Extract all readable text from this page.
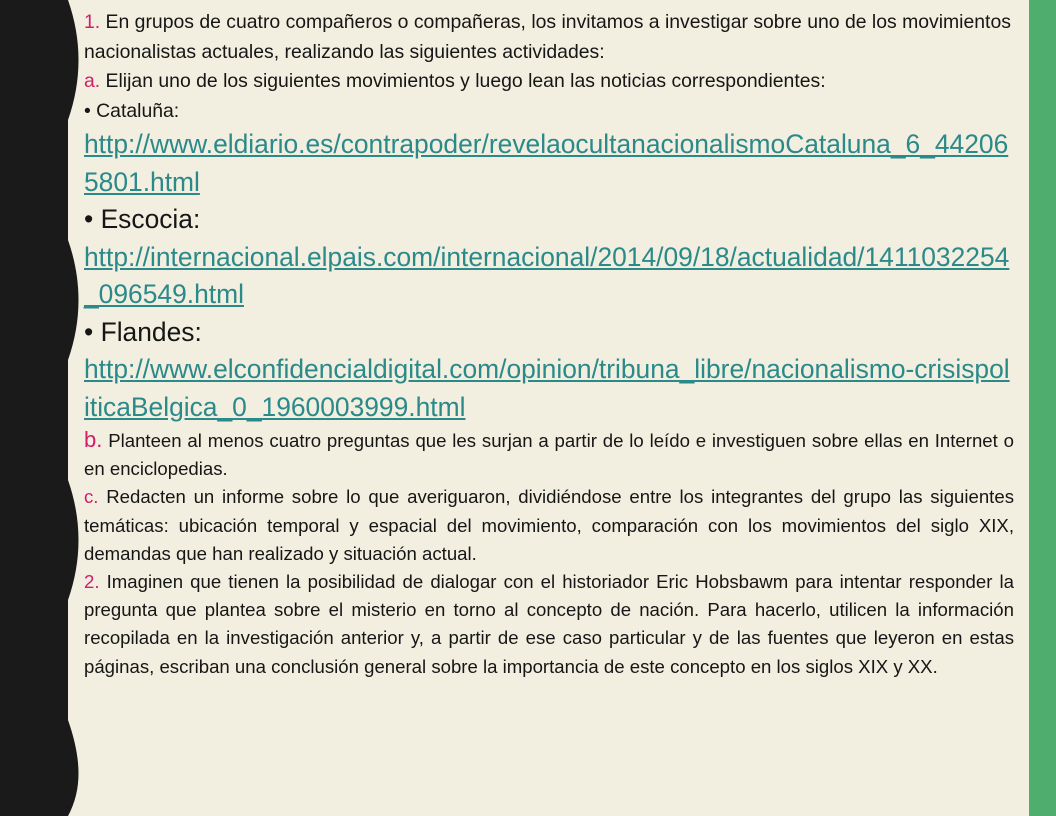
1. En grupos de cuatro compañeros o compañeras, los invitamos a investigar sobre uno de los movimientos nacionalistas actuales, realizando las siguientes actividades:

a. Elijan uno de los siguientes movimientos y luego lean las noticias correspondientes:

• Cataluña:

http://www.eldiario.es/contrapoder/revelaocultanacionalismoCataluna_6_442065801.html

• Escocia:

http://internacional.elpais.com/internacional/2014/09/18/actualidad/1411032254_096549.html

• Flandes:

http://www.elconfidencialdigital.com/opinion/tribuna_libre/nacionalismo-crisispoliticaBelgica_0_1960003999.html

b. Planteen al menos cuatro preguntas que les surjan a partir de lo leído e investiguen sobre ellas en Internet o en enciclopedias.

c. Redacten un informe sobre lo que averiguaron, dividiéndose entre los integrantes del grupo las siguientes temáticas: ubicación temporal y espacial del movimiento, comparación con los movimientos del siglo XIX, demandas que han realizado y situación actual.

2. Imaginen que tienen la posibilidad de dialogar con el historiador Eric Hobsbawm para intentar responder la pregunta que plantea sobre el misterio en torno al concepto de nación. Para hacerlo, utilicen la información recopilada en la investigación anterior y, a partir de ese caso particular y de las fuentes que leyeron en estas páginas, escriban una conclusión general sobre la importancia de este concepto en los siglos XIX y XX.
